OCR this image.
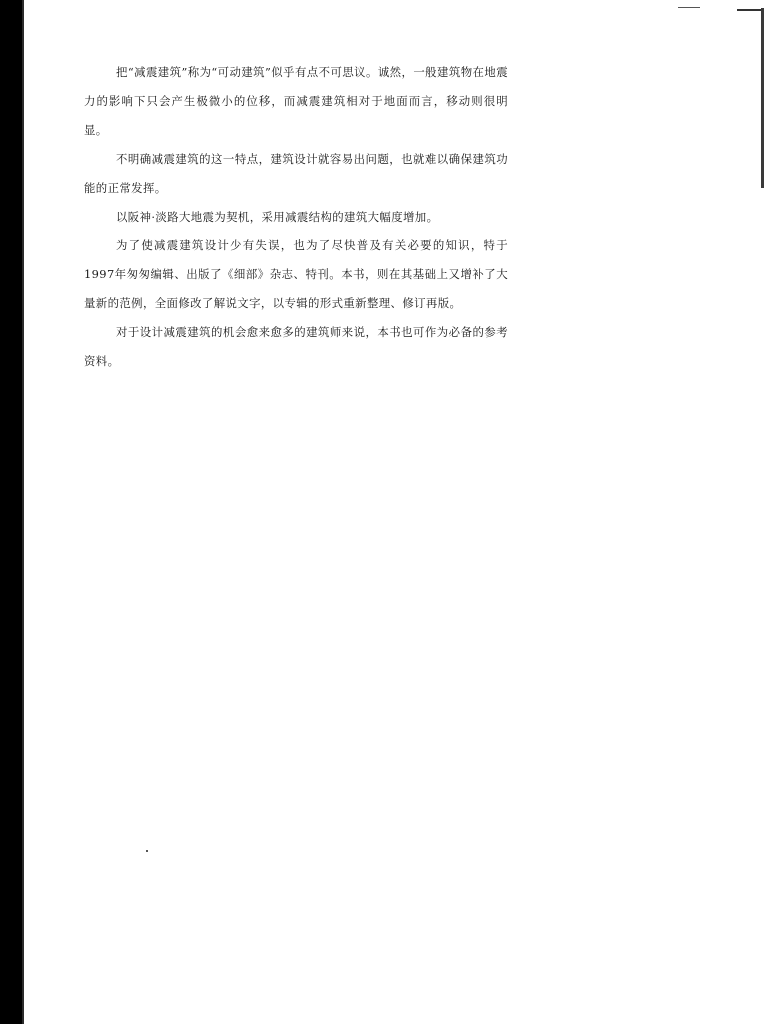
把“减震建筑”称为“可动建筑”似乎有点不可思议。诚然，一般建筑物在地震力的影响下只会产生极微小的位移，而减震建筑相对于地面而言，移动则很明显。

不明确减震建筑的这一特点，建筑设计就容易出问题，也就难以确保建筑功能的正常发挥。

以阪神·淡路大地震为契机，采用减震结构的建筑大幅度增加。

为了使减震建筑设计少有失误，也为了尽快普及有关必要的知识，特于1997年匆匆编辑、出版了《细部》杂志、特刊。本书，则在其基础上又增补了大量新的范例，全面修改了解说文字，以专辑的形式重新整理、修订再版。

对于设计减震建筑的机会愈来愈多的建筑师来说，本书也可作为必备的参考资料。
